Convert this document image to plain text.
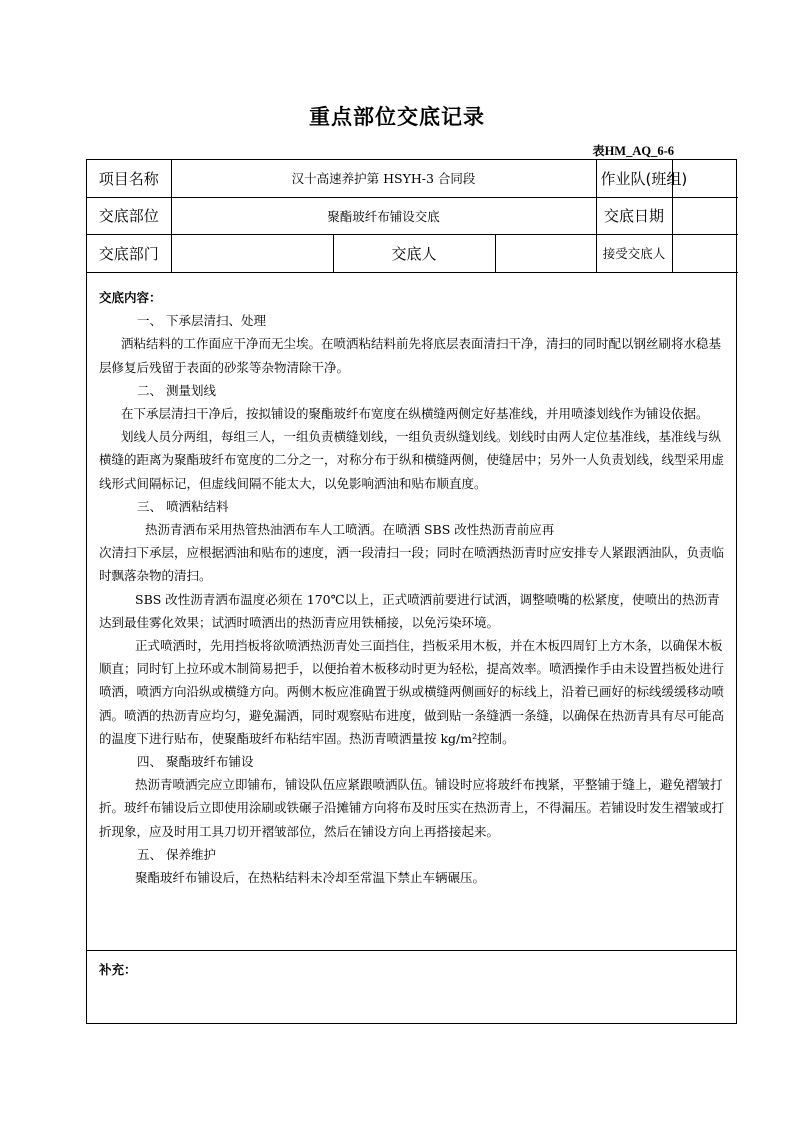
重点部位交底记录
表HM_AQ_6-6
项目名称	汉十高速养护第 HSYH-3 合同段			作业队(班组)	
交底部位	聚酯玻纤布铺设交底			交底日期	
交底部门		交底人		接受交底人	

交底内容：

一、 下承层清扫、处理

洒粘结料的工作面应干净而无尘埃。在喷洒粘结料前先将底层表面清扫干净，清扫的同时配以钢丝刷将水稳基层修复后残留于表面的砂浆等杂物清除干净。

二、 测量划线

在下承层清扫干净后，按拟铺设的聚酯玻纤布宽度在纵横缝两侧定好基准线，并用喷漆划线作为铺设依据。

划线人员分两组，每组三人，一组负责横缝划线，一组负责纵缝划线。划线时由两人定位基准线，基准线与纵横缝的距离为聚酯玻纤布宽度的二分之一，对称分布于纵和横缝两侧，使缝居中；另外一人负责划线，线型采用虚线形式间隔标记，但虚线间隔不能太大，以免影响洒油和贴布顺直度。

三、 喷洒粘结料

热沥青洒布采用热管热油洒布车人工喷洒。在喷洒 SBS 改性热沥青前应再

次清扫下承层，应根据洒油和贴布的速度，洒一段清扫一段；同时在喷洒热沥青时应安排专人紧跟洒油队，负责临时飘落杂物的清扫。

SBS 改性沥青洒布温度必须在 170℃以上，正式喷洒前要进行试洒，调整喷嘴的松紧度，使喷出的热沥青达到最佳雾化效果；试洒时喷洒出的热沥青应用铁桶接，以免污染环境。

正式喷洒时，先用挡板将欲喷洒热沥青处三面挡住，挡板采用木板，并在木板四周钉上方木条，以确保木板顺直；同时钉上拉环或木制简易把手，以便抬着木板移动时更为轻松，提高效率。喷洒操作手由未设置挡板处进行喷洒，喷洒方向沿纵或横缝方向。两侧木板应准确置于纵或横缝两侧画好的标线上，沿着已画好的标线缓缓移动喷洒。喷洒的热沥青应均匀，避免漏洒，同时观察贴布进度，做到贴一条缝洒一条缝，以确保在热沥青具有尽可能高的温度下进行贴布，使聚酯玻纤布粘结牢固。热沥青喷洒量按 kg/m²控制。

四、 聚酯玻纤布铺设

热沥青喷洒完应立即铺布，铺设队伍应紧跟喷洒队伍。铺设时应将玻纤布拽紧，平整铺于缝上，避免褶皱打折。玻纤布铺设后立即使用涂刷或铁碾子沿摊铺方向将布及时压实在热沥青上，不得漏压。若铺设时发生褶皱或打折现象，应及时用工具刀切开褶皱部位，然后在铺设方向上再搭接起来。

五、 保养维护

聚酯玻纤布铺设后，在热粘结料未冷却至常温下禁止车辆碾压。

补充：
